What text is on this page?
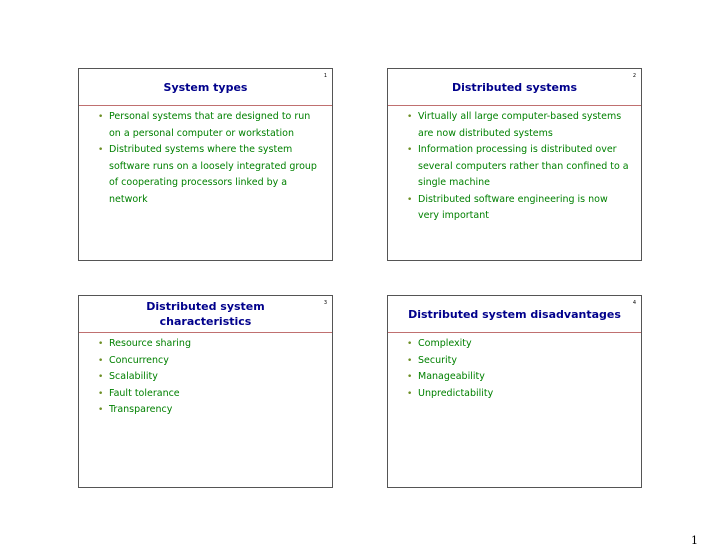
1
System types
• Personal systems that are designed to run on a personal computer or workstation
• Distributed systems where the system software runs on a loosely integrated group of cooperating processors linked by a network
2
Distributed systems
• Virtually all large computer-based systems are now distributed systems
• Information processing is distributed over several computers rather than confined to a single machine
• Distributed software engineering is now very important
3
Distributed system characteristics
• Resource sharing
• Concurrency
• Scalability
• Fault tolerance
• Transparency
4
Distributed system disadvantages
• Complexity
• Security
• Manageability
• Unpredictability
1
